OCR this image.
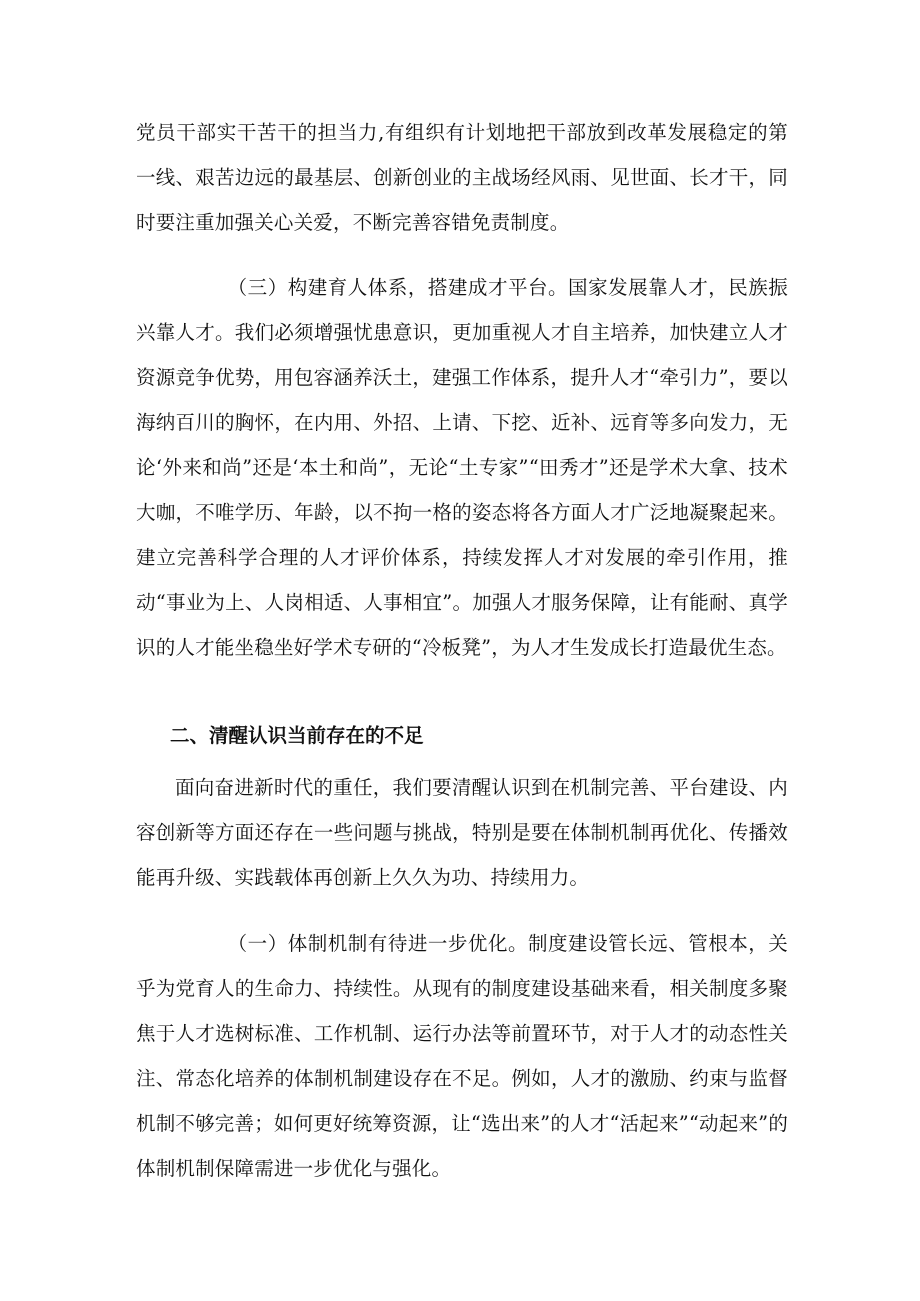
党员干部实干苦干的担当力,有组织有计划地把干部放到改革发展稳定的第一线、艰苦边远的最基层、创新创业的主战场经风雨、见世面、长才干，同时要注重加强关心关爱，不断完善容错免责制度。

（三）构建育人体系，搭建成才平台。国家发展靠人才，民族振兴靠人才。我们必须增强忧患意识，更加重视人才自主培养，加快建立人才资源竞争优势，用包容涵养沃土，建强工作体系，提升人才“牵引力”，要以海纳百川的胸怀，在内用、外招、上请、下挖、近补、远育等多向发力，无论‘外来和尚”还是‘本土和尚”，无论“土专家”“田秀才”还是学术大拿、技术大咖，不唯学历、年龄，以不拘一格的姿态将各方面人才广泛地凝聚起来。建立完善科学合理的人才评价体系，持续发挥人才对发展的牵引作用，推动“事业为上、人岗相适、人事相宜”。加强人才服务保障，让有能耐、真学识的人才能坐稳坐好学术专研的“冷板凳”，为人才生发成长打造最优生态。

二、清醒认识当前存在的不足

面向奋进新时代的重任，我们要清醒认识到在机制完善、平台建设、内容创新等方面还存在一些问题与挑战，特别是要在体制机制再优化、传播效能再升级、实践载体再创新上久久为功、持续用力。

（一）体制机制有待进一步优化。制度建设管长远、管根本，关乎为党育人的生命力、持续性。从现有的制度建设基础来看，相关制度多聚焦于人才选树标准、工作机制、运行办法等前置环节，对于人才的动态性关注、常态化培养的体制机制建设存在不足。例如，人才的激励、约束与监督机制不够完善；如何更好统筹资源，让“选出来”的人才“活起来”“动起来”的体制机制保障需进一步优化与强化。
